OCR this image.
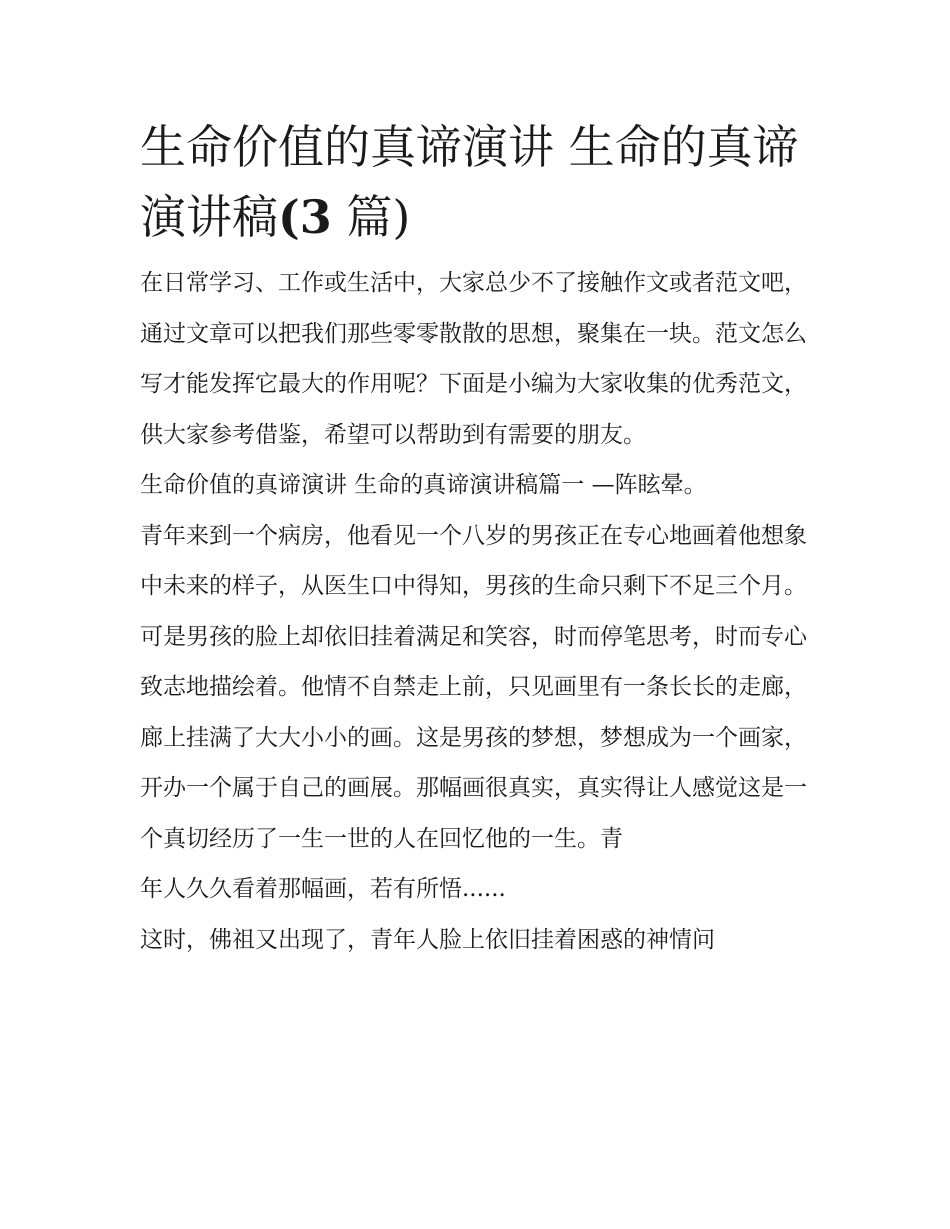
生命价值的真谛演讲 生命的真谛演讲稿(3 篇)

在日常学习、工作或生活中，大家总少不了接触作文或者范文吧，通过文章可以把我们那些零零散散的思想，聚集在一块。范文怎么写才能发挥它最大的作用呢？下面是小编为大家收集的优秀范文，供大家参考借鉴，希望可以帮助到有需要的朋友。

生命价值的真谛演讲 生命的真谛演讲稿篇一 —阵眩晕。

青年来到一个病房，他看见一个八岁的男孩正在专心地画着他想象中未来的样子，从医生口中得知，男孩的生命只剩下不足三个月。可是男孩的脸上却依旧挂着满足和笑容，时而停笔思考，时而专心致志地描绘着。他情不自禁走上前，只见画里有一条长长的走廊，廊上挂满了大大小小的画。这是男孩的梦想，梦想成为一个画家，开办一个属于自己的画展。那幅画很真实，真实得让人感觉这是一个真切经历了一生一世的人在回忆他的一生。青

年人久久看着那幅画，若有所悟......

这时，佛祖又出现了，青年人脸上依旧挂着困惑的神情问
